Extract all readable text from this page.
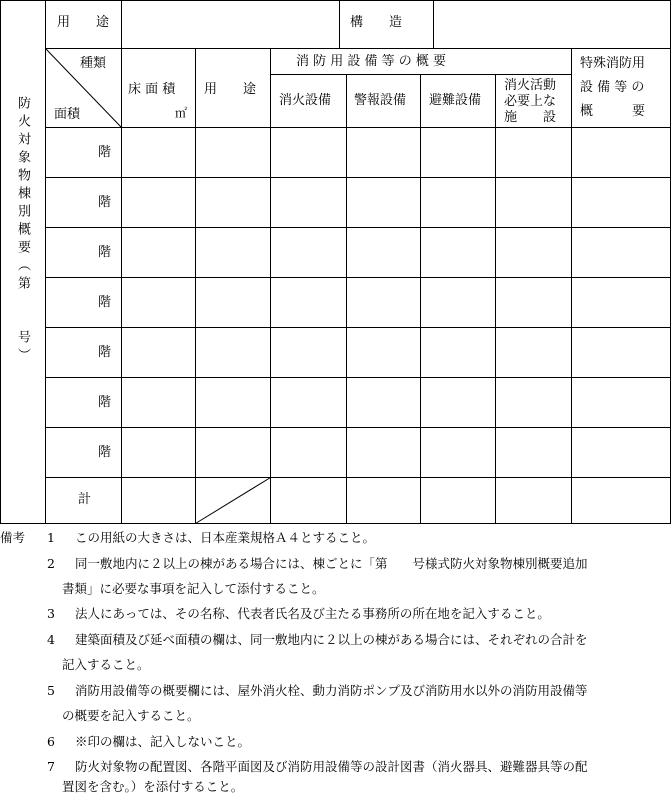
防火対象物棟別概要（第　　号）
用　　途	構　　造
種類
面積
床 面 積
㎡
用　　途
消 防 用 設 備 等 の 概 要
消火設備 警報設備 避難設備
消火活動
必要上な
施　　設
特殊消防用
設 備 等 の
概　　　要
階
階
階
階
階
階
階
計
備考 1 この用紙の大きさは、日本産業規格Ａ４とすること。
2 同一敷地内に２以上の棟がある場合には、棟ごとに「第　　号様式防火対象物棟別概要追加
書類」に必要な事項を記入して添付すること。
3 法人にあっては、その名称、代表者氏名及び主たる事務所の所在地を記入すること。
4 建築面積及び延べ面積の欄は、同一敷地内に２以上の棟がある場合には、それぞれの合計を
記入すること。
5 消防用設備等の概要欄には、屋外消火栓、動力消防ポンプ及び消防用水以外の消防用設備等
の概要を記入すること。
6 ※印の欄は、記入しないこと。
7 防火対象物の配置図、各階平面図及び消防用設備等の設計図書（消火器具、避難器具等の配
置図を含む。）を添付すること。
